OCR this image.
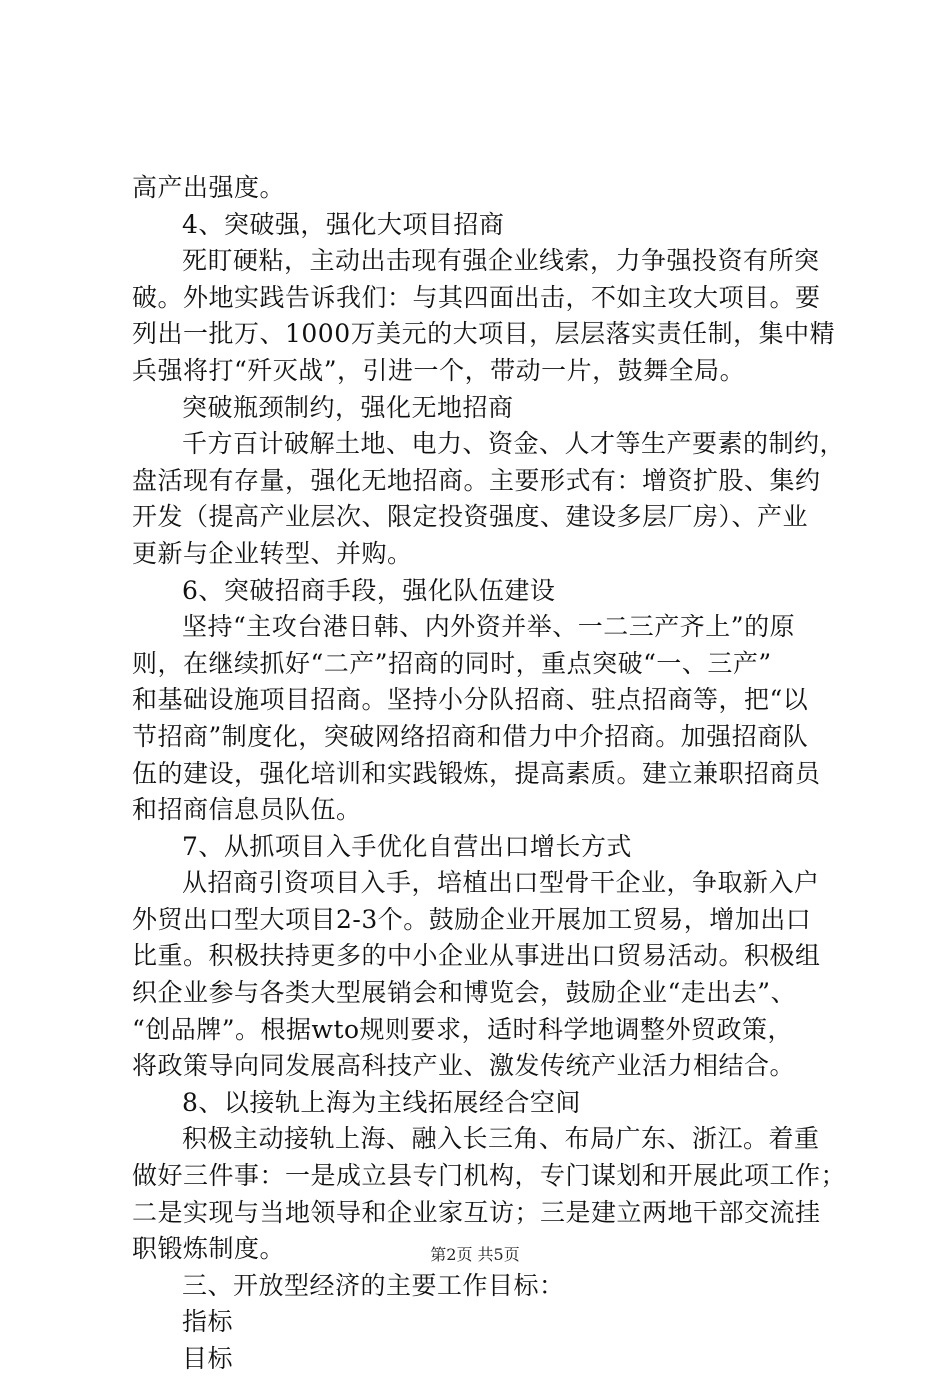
高产出强度。
4、突破强，强化大项目招商
死盯硬粘，主动出击现有强企业线索，力争强投资有所突
破。外地实践告诉我们：与其四面出击，不如主攻大项目。要
列出一批万、1000万美元的大项目，层层落实责任制，集中精
兵强将打“歼灭战”，引进一个，带动一片，鼓舞全局。
突破瓶颈制约，强化无地招商
千方百计破解土地、电力、资金、人才等生产要素的制约，
盘活现有存量，强化无地招商。主要形式有：增资扩股、集约
开发（提高产业层次、限定投资强度、建设多层厂房）、产业
更新与企业转型、并购。
6、突破招商手段，强化队伍建设
坚持“主攻台港日韩、内外资并举、一二三产齐上”的原
则，在继续抓好“二产”招商的同时，重点突破“一、三产”
和基础设施项目招商。坚持小分队招商、驻点招商等，把“以
节招商”制度化，突破网络招商和借力中介招商。加强招商队
伍的建设，强化培训和实践锻炼，提高素质。建立兼职招商员
和招商信息员队伍。
7、从抓项目入手优化自营出口增长方式
从招商引资项目入手，培植出口型骨干企业，争取新入户
外贸出口型大项目2-3个。鼓励企业开展加工贸易，增加出口
比重。积极扶持更多的中小企业从事进出口贸易活动。积极组
织企业参与各类大型展销会和博览会，鼓励企业“走出去”、
“创品牌”。根据wto规则要求，适时科学地调整外贸政策，
将政策导向同发展高科技产业、激发传统产业活力相结合。
8、以接轨上海为主线拓展经合空间
积极主动接轨上海、融入长三角、布局广东、浙江。着重
做好三件事：一是成立县专门机构，专门谋划和开展此项工作；
二是实现与当地领导和企业家互访；三是建立两地干部交流挂
职锻炼制度。
三、开放型经济的主要工作目标：
指标
目标
第2页 共5页
